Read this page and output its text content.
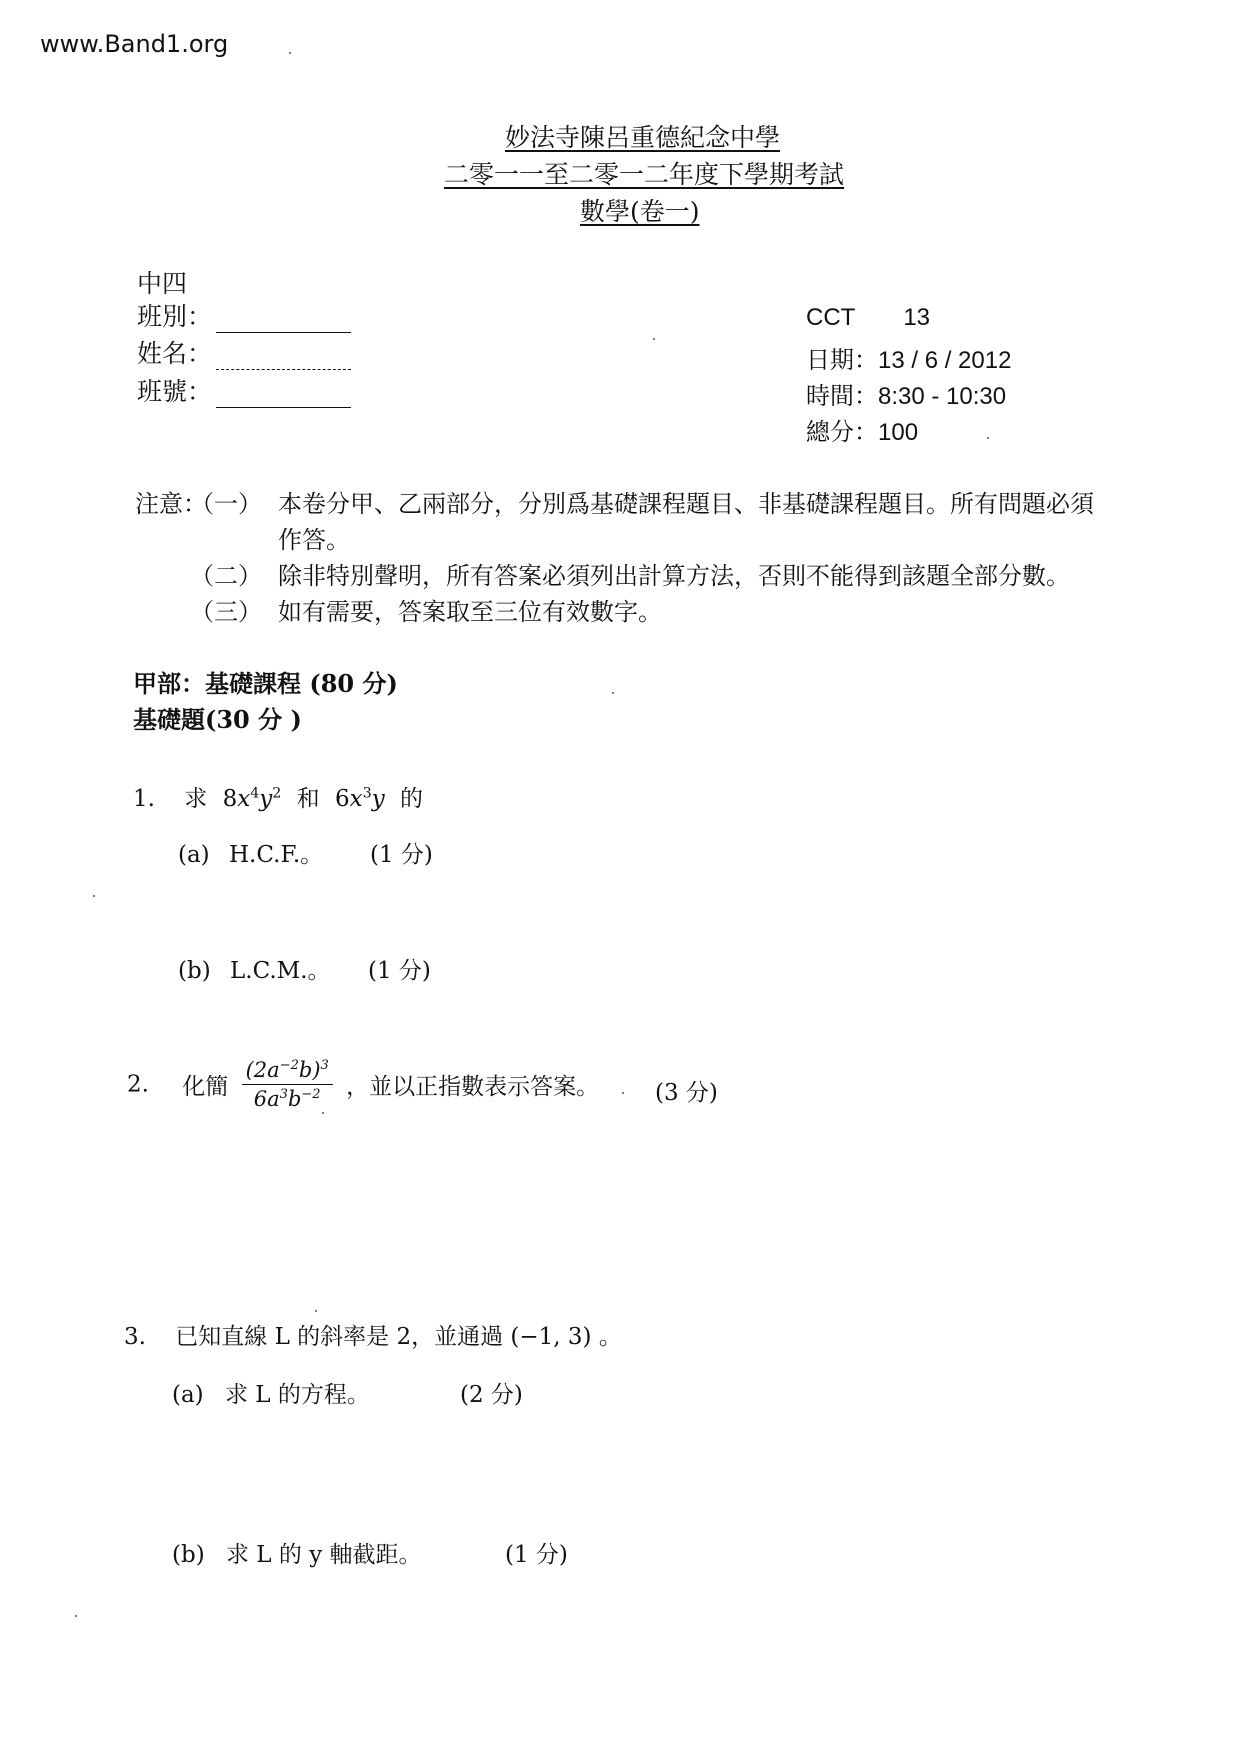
www.Band1.org
妙法寺陳呂重德紀念中學
二零一一至二零一二年度下學期考試
數學(卷一)
中四
班別：
姓名：
班號：
CCT 13
日期：13 / 6 / 2012
時間：8:30 - 10:30
總分：100
注意：
（一） 本卷分甲、乙兩部分，分別爲基礎課程題目、非基礎課程題目。所有問題必須
作答。
（二） 除非特別聲明，所有答案必須列出計算方法，否則不能得到該題全部分數。
（三） 如有需要，答案取至三位有效數字。
甲部：基礎課程 (80 分)
基礎題(30 分 )
1. 求 $8x^4y^2$ 和 $6x^3y$ 的
(a) H.C.F.。 (1 分)
(b) L.C.M.。 (1 分)
2. 化簡 $\frac{(2a^{-2}b)^3}{6a^3b^{-2}}$ ，並以正指數表示答案。 (3 分)
3. 已知直線 L 的斜率是 2，並通過 (−1, 3) 。
(a) 求 L 的方程。	(2 分)
(b) 求 L 的 y 軸截距。	(1 分)
